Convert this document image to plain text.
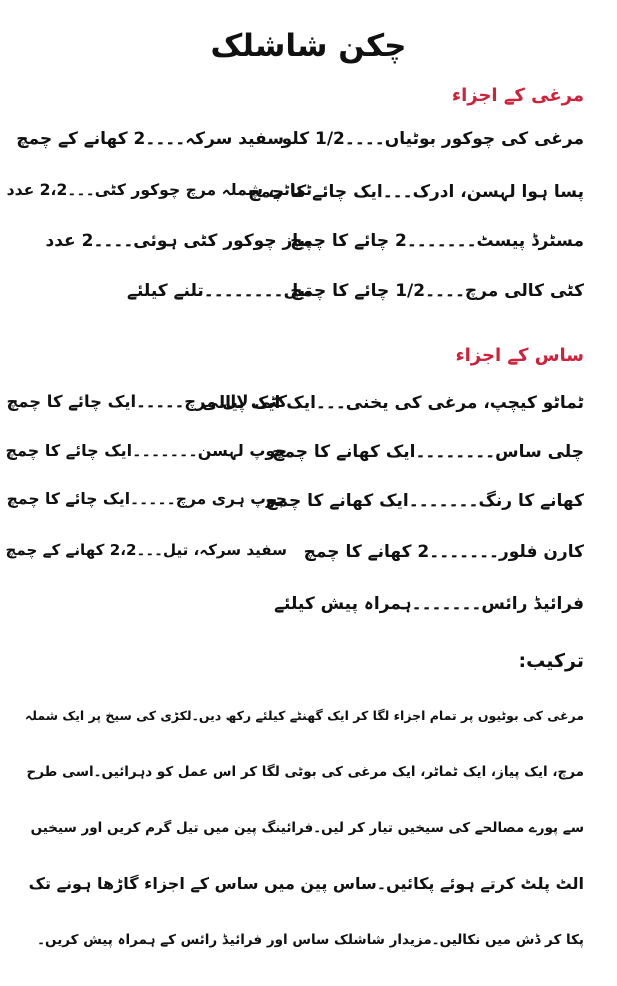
چکن شاشلک
مرغی کے اجزاء
مرغی کی چوکور بوٹیاں۔۔۔۔1/2 کلو
سفید سرکہ۔۔۔۔2 کھانے کے چمچ
پسا ہوا لہسن، ادرک۔۔۔ایک چائے کا چمچ
ٹماٹر، شملہ مرچ چوکور کٹی۔۔۔2،2 عدد
مسٹرڈ پیسٹ۔۔۔۔۔۔۔2 چائے کا چمچ
پیاز چوکور کٹی ہوئی۔۔۔۔2 عدد
کٹی کالی مرچ۔۔۔۔1/2 چائے کا چمچ
تیل۔۔۔۔۔۔۔۔تلنے کیلئے
ساس کے اجزاء
ٹماٹو کیچپ، مرغی کی یخنی۔۔۔ایک ایک پیالی
کٹی لال مرچ۔۔۔۔۔ایک چائے کا چمچ
چلی ساس۔۔۔۔۔۔۔۔ایک کھانے کا چمچ
چوپ لہسن۔۔۔۔۔۔۔ایک چائے کا چمچ
کھانے کا رنگ۔۔۔۔۔۔۔ایک کھانے کا چمچ
چوپ ہری مرچ۔۔۔۔۔ایک چائے کا چمچ
کارن فلور۔۔۔۔۔۔۔2 کھانے کا چمچ
سفید سرکہ، تیل۔۔۔2،2 کھانے کے چمچ
فرائیڈ رائس۔۔۔۔۔۔۔ہمراہ پیش کیلئے
ترکیب:

مرغی کی بوٹیوں پر تمام اجزاء لگا کر ایک گھنٹے کیلئے رکھ دیں۔لکڑی کی سیخ پر ایک شملہ

مرچ، ایک پیاز، ایک ٹماٹر، ایک مرغی کی بوٹی لگا کر اس عمل کو دہرائیں۔اسی طرح

سے پورے مصالحے کی سیخیں تیار کر لیں۔فرائینگ پین میں تیل گرم کریں اور سیخیں

الٹ پلٹ کرتے ہوئے پکائیں۔ساس پین میں ساس کے اجزاء گاڑھا ہونے تک

پکا کر ڈش میں نکالیں۔مزیدار شاشلک ساس اور فرائیڈ رائس کے ہمراہ پیش کریں۔
